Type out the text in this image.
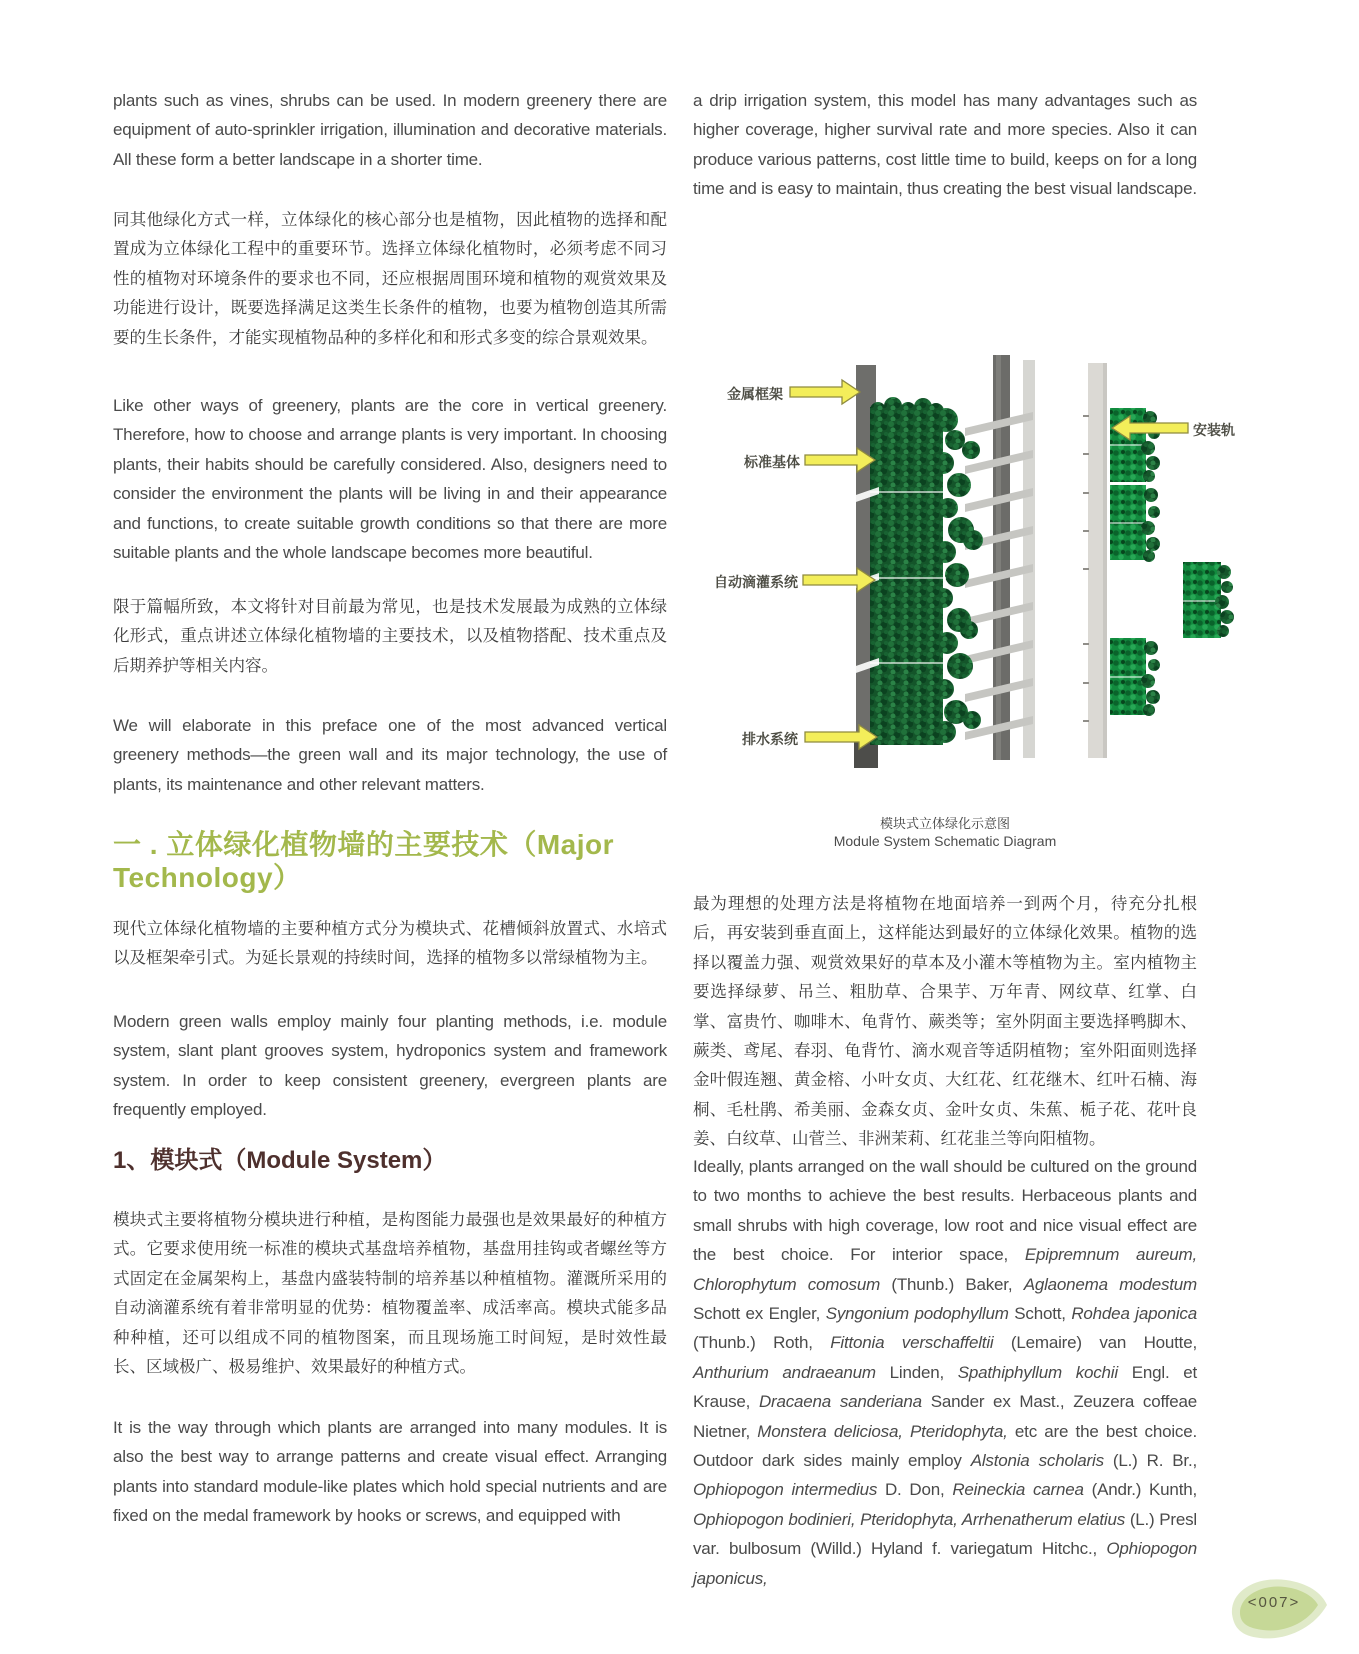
plants such as vines, shrubs can be used. In modern greenery there are equipment of auto-sprinkler irrigation, illumination and decorative materials. All these form a better landscape in a shorter time.

同其他绿化方式一样，立体绿化的核心部分也是植物，因此植物的选择和配置成为立体绿化工程中的重要环节。选择立体绿化植物时，必须考虑不同习性的植物对环境条件的要求也不同，还应根据周围环境和植物的观赏效果及功能进行设计，既要选择满足这类生长条件的植物，也要为植物创造其所需要的生长条件，才能实现植物品种的多样化和和形式多变的综合景观效果。

Like other ways of greenery, plants are the core in vertical greenery. Therefore, how to choose and arrange plants is very important. In choosing plants, their habits should be carefully considered. Also, designers need to consider the environment the plants will be living in and their appearance and functions, to create suitable growth conditions so that there are more suitable plants and the whole landscape becomes more beautiful.

限于篇幅所致，本文将针对目前最为常见，也是技术发展最为成熟的立体绿化形式，重点讲述立体绿化植物墙的主要技术，以及植物搭配、技术重点及后期养护等相关内容。

We will elaborate in this preface one of the most advanced vertical greenery methods—the green wall and its major technology, the use of plants, its maintenance and other relevant matters.

一 . 立体绿化植物墙的主要技术（Major Technology）

现代立体绿化植物墙的主要种植方式分为模块式、花槽倾斜放置式、水培式以及框架牵引式。为延长景观的持续时间，选择的植物多以常绿植物为主。

Modern green walls employ mainly four planting methods, i.e. module system, slant plant grooves system, hydroponics system and framework system. In order to keep consistent greenery, evergreen plants are frequently employed.

1、模块式（Module System）

模块式主要将植物分模块进行种植，是构图能力最强也是效果最好的种植方式。它要求使用统一标准的模块式基盘培养植物，基盘用挂钩或者螺丝等方式固定在金属架构上，基盘内盛装特制的培养基以种植植物。灌溉所采用的自动滴灌系统有着非常明显的优势：植物覆盖率、成活率高。模块式能多品种种植，还可以组成不同的植物图案，而且现场施工时间短，是时效性最长、区域极广、极易维护、效果最好的种植方式。

It is the way through which plants are arranged into many modules. It is also the best way to arrange patterns and create visual effect. Arranging plants into standard module-like plates which hold special nutrients and are fixed on the medal framework by hooks or screws, and equipped with

a drip irrigation system, this model has many advantages such as higher coverage, higher survival rate and more species. Also it can produce various patterns, cost little time to build, keeps on for a long time and is easy to maintain, thus creating the best visual landscape.

金属框架
标准基体
自动滴灌系统
排水系统
安装轨
模块式立体绿化示意图
Module System Schematic Diagram

最为理想的处理方法是将植物在地面培养一到两个月，待充分扎根后，再安装到垂直面上，这样能达到最好的立体绿化效果。植物的选择以覆盖力强、观赏效果好的草本及小灌木等植物为主。室内植物主要选择绿萝、吊兰、粗肋草、合果芋、万年青、网纹草、红掌、白掌、富贵竹、咖啡木、龟背竹、蕨类等；室外阴面主要选择鸭脚木、蕨类、鸢尾、春羽、龟背竹、滴水观音等适阴植物；室外阳面则选择金叶假连翘、黄金榕、小叶女贞、大红花、红花继木、红叶石楠、海桐、毛杜鹃、希美丽、金森女贞、金叶女贞、朱蕉、栀子花、花叶良姜、白纹草、山菅兰、非洲茉莉、红花韭兰等向阳植物。

Ideally, plants arranged on the wall should be cultured on the ground to two months to achieve the best results. Herbaceous plants and small shrubs with high coverage, low root and nice visual effect are the best choice. For interior space, Epipremnum aureum, Chlorophytum comosum (Thunb.) Baker, Aglaonema modestum Schott ex Engler, Syngonium podophyllum Schott, Rohdea japonica (Thunb.) Roth, Fittonia verschaffeltii (Lemaire) van Houtte, Anthurium andraeanum Linden, Spathiphyllum kochii Engl. et Krause, Dracaena sanderiana Sander ex Mast., Zeuzera coffeae Nietner, Monstera deliciosa, Pteridophyta, etc are the best choice. Outdoor dark sides mainly employ Alstonia scholaris (L.) R. Br., Ophiopogon intermedius D. Don, Reineckia carnea (Andr.) Kunth, Ophiopogon bodinieri, Pteridophyta, Arrhenatherum elatius (L.) Presl var. bulbosum (Willd.) Hyland f. variegatum Hitchc., Ophiopogon japonicus,

<007>
